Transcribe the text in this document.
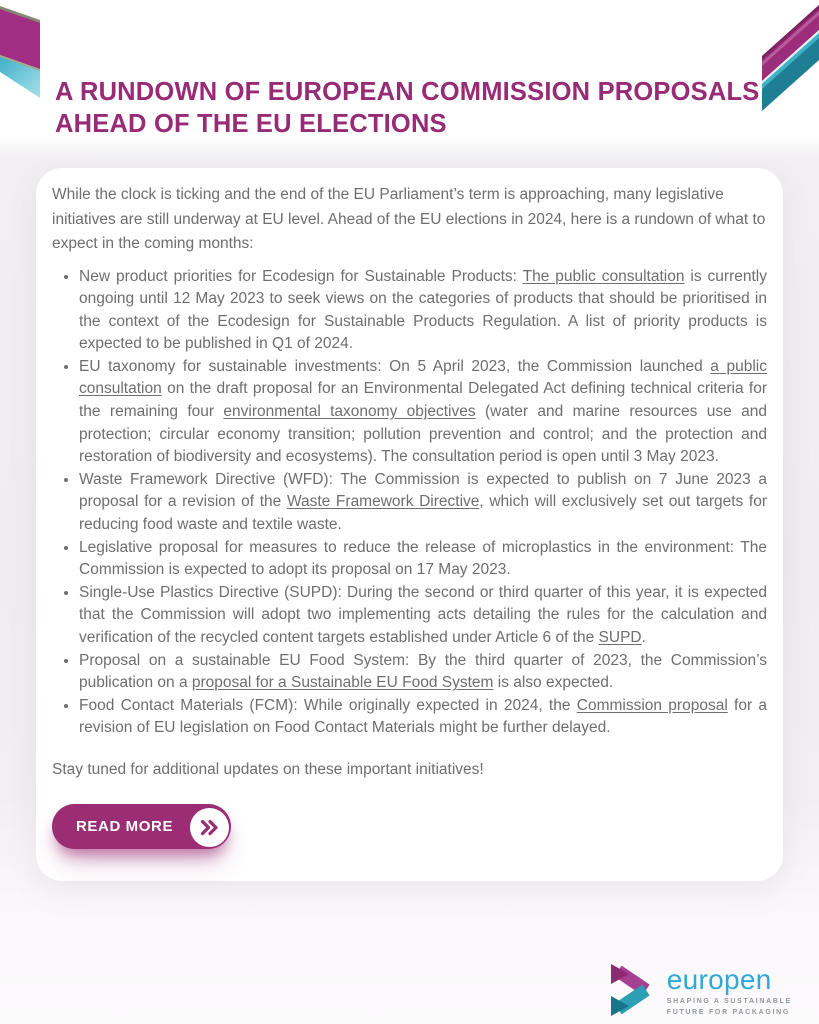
A RUNDOWN OF EUROPEAN COMMISSION PROPOSALS AHEAD OF THE EU ELECTIONS

While the clock is ticking and the end of the EU Parliament’s term is approaching, many legislative initiatives are still underway at EU level. Ahead of the EU elections in 2024, here is a rundown of what to expect in the coming months:

• New product priorities for Ecodesign for Sustainable Products: The public consultation is currently ongoing until 12 May 2023 to seek views on the categories of products that should be prioritised in the context of the Ecodesign for Sustainable Products Regulation. A list of priority products is expected to be published in Q1 of 2024.
• EU taxonomy for sustainable investments: On 5 April 2023, the Commission launched a public consultation on the draft proposal for an Environmental Delegated Act defining technical criteria for the remaining four environmental taxonomy objectives (water and marine resources use and protection; circular economy transition; pollution prevention and control; and the protection and restoration of biodiversity and ecosystems). The consultation period is open until 3 May 2023.
• Waste Framework Directive (WFD): The Commission is expected to publish on 7 June 2023 a proposal for a revision of the Waste Framework Directive, which will exclusively set out targets for reducing food waste and textile waste.
• Legislative proposal for measures to reduce the release of microplastics in the environment: The Commission is expected to adopt its proposal on 17 May 2023.
• Single-Use Plastics Directive (SUPD): During the second or third quarter of this year, it is expected that the Commission will adopt two implementing acts detailing the rules for the calculation and verification of the recycled content targets established under Article 6 of the SUPD.
• Proposal on a sustainable EU Food System: By the third quarter of 2023, the Commission’s publication on a proposal for a Sustainable EU Food System is also expected.
• Food Contact Materials (FCM): While originally expected in 2024, the Commission proposal for a revision of EU legislation on Food Contact Materials might be further delayed.

Stay tuned for additional updates on these important initiatives!

READ MORE
europen
SHAPING A SUSTAINABLE
FUTURE FOR PACKAGING
